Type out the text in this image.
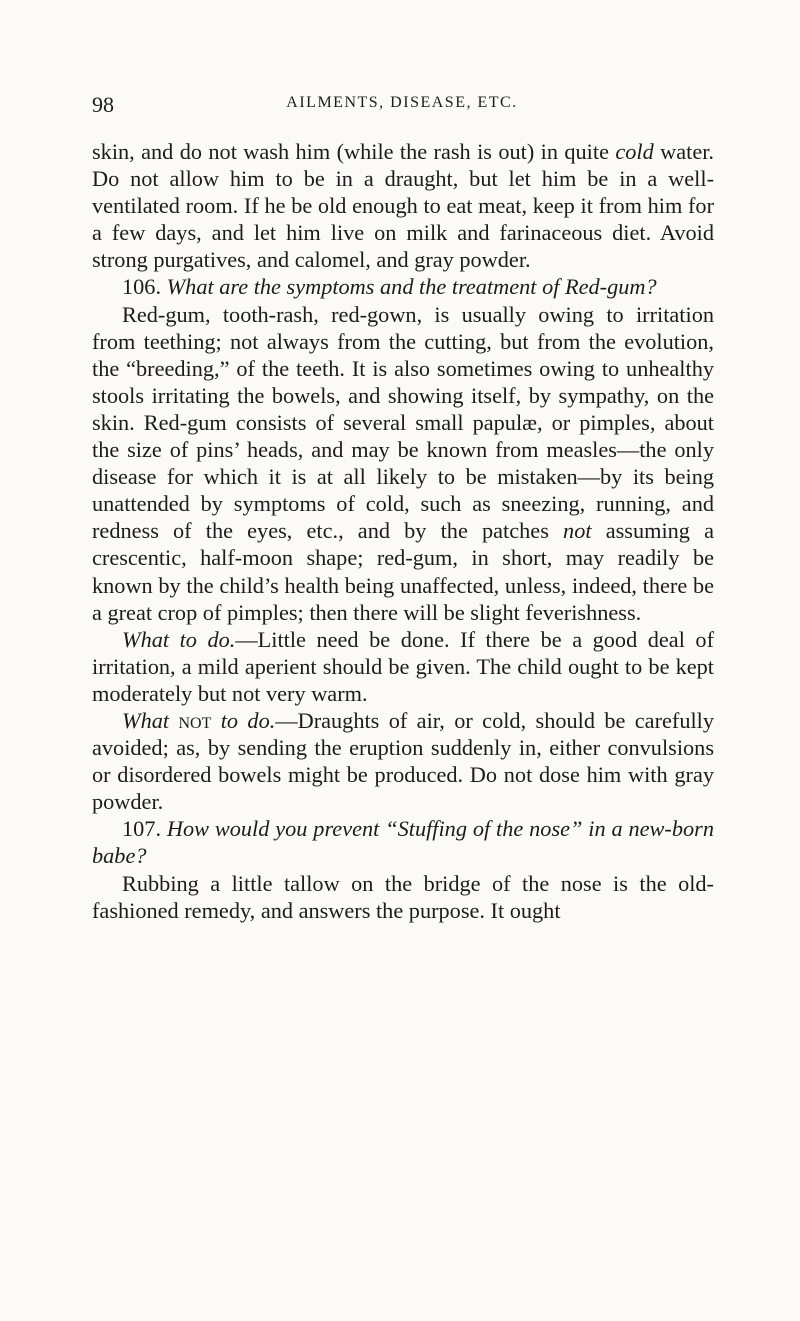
98	AILMENTS, DISEASE, ETC.

skin, and do not wash him (while the rash is out) in quite cold water. Do not allow him to be in a draught, but let him be in a well-ventilated room. If he be old enough to eat meat, keep it from him for a few days, and let him live on milk and farinaceous diet. Avoid strong purgatives, and calomel, and gray powder.

106. What are the symptoms and the treatment of Red-gum?

Red-gum, tooth-rash, red-gown, is usually owing to irritation from teething; not always from the cutting, but from the evolution, the “breeding,” of the teeth. It is also sometimes owing to unhealthy stools irritating the bowels, and showing itself, by sympathy, on the skin. Red-gum consists of several small papulæ, or pimples, about the size of pins’ heads, and may be known from measles—the only disease for which it is at all likely to be mistaken—by its being unattended by symptoms of cold, such as sneezing, running, and redness of the eyes, etc., and by the patches not assuming a crescentic, half-moon shape; red-gum, in short, may readily be known by the child’s health being unaffected, unless, indeed, there be a great crop of pimples; then there will be slight feverishness.

What to do.—Little need be done. If there be a good deal of irritation, a mild aperient should be given. The child ought to be kept moderately but not very warm.

What not to do.—Draughts of air, or cold, should be carefully avoided; as, by sending the eruption suddenly in, either convulsions or disordered bowels might be produced. Do not dose him with gray powder.

107. How would you prevent “Stuffing of the nose” in a new-born babe?

Rubbing a little tallow on the bridge of the nose is the old-fashioned remedy, and answers the purpose. It ought
